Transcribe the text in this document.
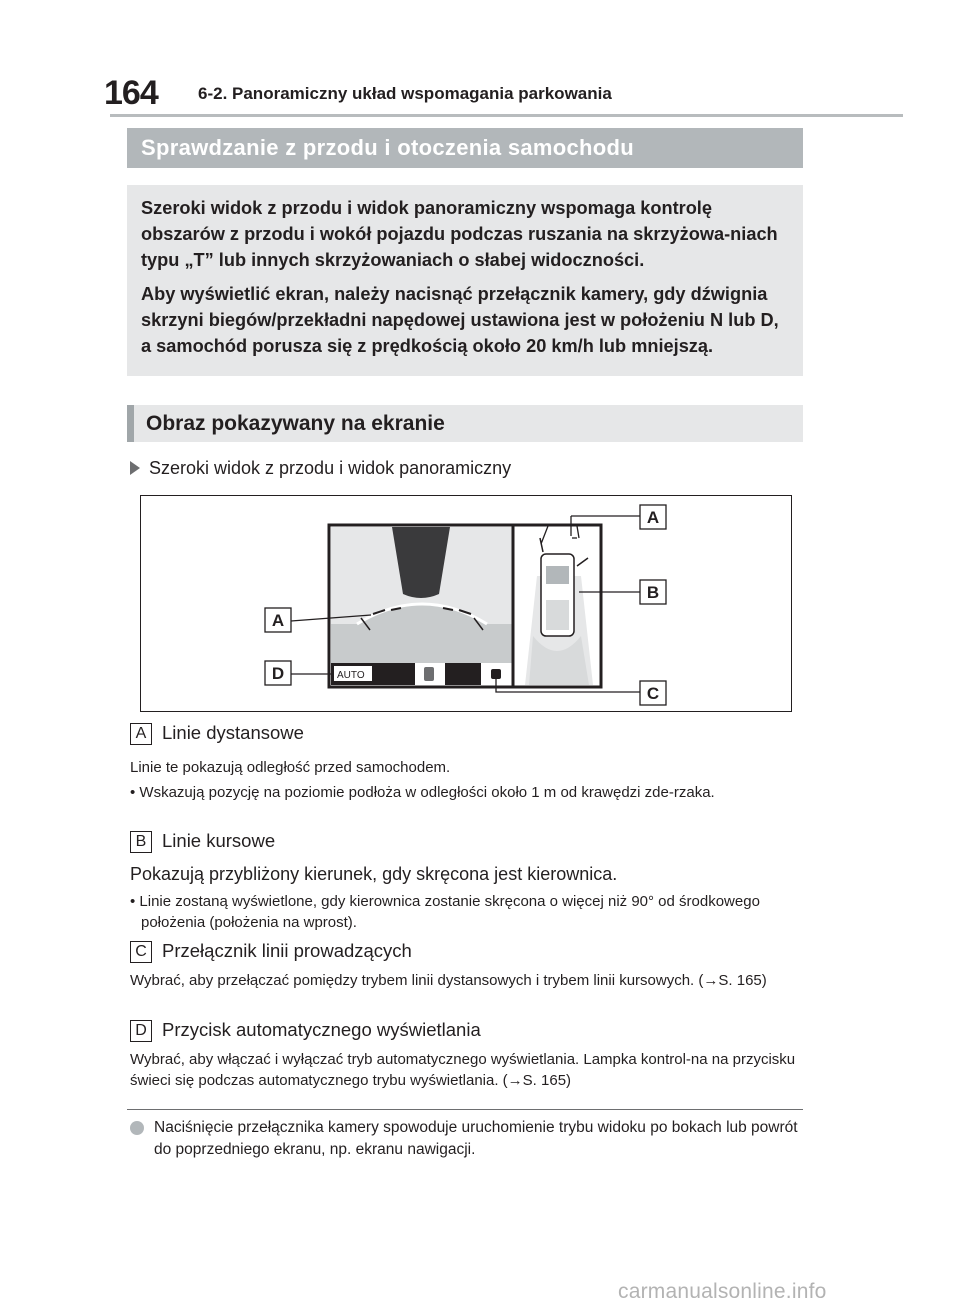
164 6-2. Panoramiczny układ wspomagania parkowania
Sprawdzanie z przodu i otoczenia samochodu

Szeroki widok z przodu i widok panoramiczny wspomaga kontrolę obszarów z przodu i wokół pojazdu podczas ruszania na skrzyżowa-niach typu „T” lub innych skrzyżowaniach o słabej widoczności.

Aby wyświetlić ekran, należy nacisnąć przełącznik kamery, gdy dźwignia skrzyni biegów/przekładni napędowej ustawiona jest w położeniu N lub D, a samochód porusza się z prędkością około 20 km/h lub mniejszą.

Obraz pokazywany na ekranie
Szeroki widok z przodu i widok panoramiczny
AUTO
A
D
A
B
C
A Linie dystansowe
Linie te pokazują odległość przed samochodem.
• Wskazują pozycję na poziomie podłoża w odległości około 1 m od krawędzi zde-rzaka.
B Linie kursowe
Pokazują przybliżony kierunek, gdy skręcona jest kierownica.
• Linie zostaną wyświetlone, gdy kierownica zostanie skręcona o więcej niż 90° od środkowego położenia (położenia na wprost).
C Przełącznik linii prowadzących
Wybrać, aby przełączać pomiędzy trybem linii dystansowych i trybem linii kursowych. (→S. 165)
D Przycisk automatycznego wyświetlania
Wybrać, aby włączać i wyłączać tryb automatycznego wyświetlania. Lampka kontrol-na na przycisku świeci się podczas automatycznego trybu wyświetlania. (→S. 165)
Naciśnięcie przełącznika kamery spowoduje uruchomienie trybu widoku po bokach lub powrót do poprzedniego ekranu, np. ekranu nawigacji.
carmanualsonline.info
